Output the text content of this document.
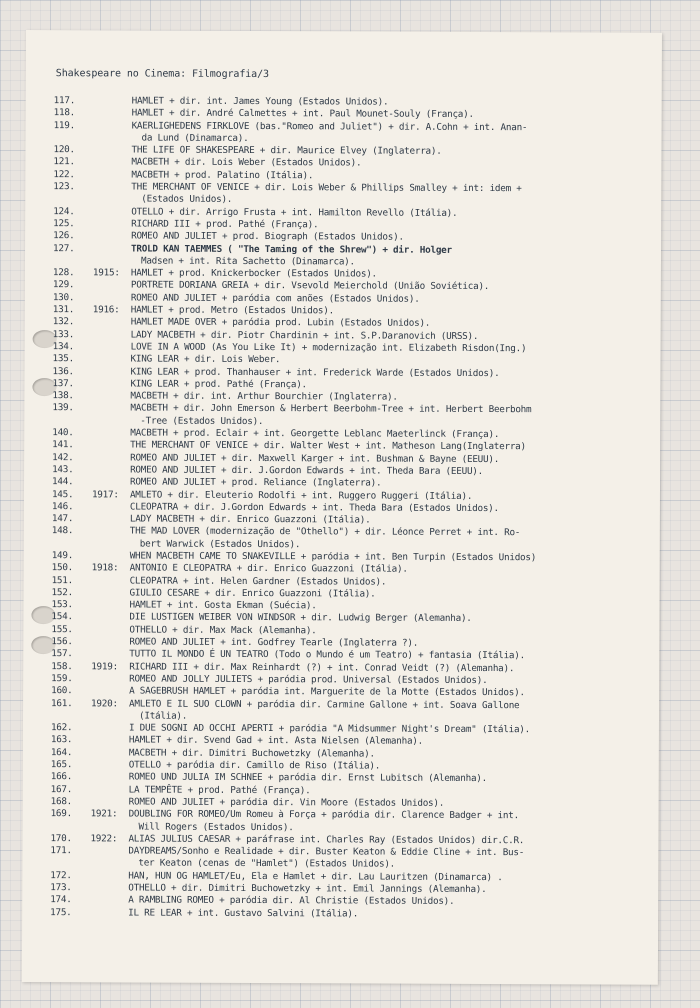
Shakespeare no Cinema: Filmografia/3
117.	HAMLET + dir. int. James Young (Estados Unidos).
118.	HAMLET + dir. André Calmettes + int. Paul Mounet-Souly (França).
119.	KAERLIGHEDENS FIRKLOVE (bas."Romeo and Juliet") + dir. A.Cohn + int. Anan-
da Lund (Dinamarca).
120.	THE LIFE OF SHAKESPEARE + dir. Maurice Elvey (Inglaterra).
121.	MACBETH + dir. Lois Weber (Estados Unidos).
122.	MACBETH + prod. Palatino (Itália).
123.	THE MERCHANT OF VENICE + dir. Lois Weber & Phillips Smalley + int: idem +
(Estados Unidos).
124.	OTELLO + dir. Arrigo Frusta + int. Hamilton Revello (Itália).
125.	RICHARD III + prod. Pathé (França).
126.	ROMEO AND JULIET + prod. Biograph (Estados Unidos).
127.	TROLD KAN TAEMMES ( "The Taming of the Shrew") + dir. Holger
Madsen + int. Rita Sachetto (Dinamarca).
128.	1915:	HAMLET + prod. Knickerbocker (Estados Unidos).
129.	PORTRETE DORIANA GREIA + dir. Vsevold Meierchold (União Soviética).
130.	ROMEO AND JULIET + paródia com anões (Estados Unidos).
131.	1916:	HAMLET + prod. Metro (Estados Unidos).
132.	HAMLET MADE OVER + paródia prod. Lubin (Estados Unidos).
133.	LADY MACBETH + dir. Piotr Chardinin + int. S.P.Daranovich (URSS).
134.	LOVE IN A WOOD (As You Like It) + modernização int. Elizabeth Risdon(Ing.)
135.	KING LEAR + dir. Lois Weber.
136.	KING LEAR + prod. Thanhauser + int. Frederick Warde (Estados Unidos).
137.	KING LEAR + prod. Pathé (França).
138.	MACBETH + dir. int. Arthur Bourchier (Inglaterra).
139.	MACBETH + dir. John Emerson & Herbert Beerbohm-Tree + int. Herbert Beerbohm
-Tree (Estados Unidos).
140.	MACBETH + prod. Eclair + int. Georgette Leblanc Maeterlinck (França).
141.	THE MERCHANT OF VENICE + dir. Walter West + int. Matheson Lang(Inglaterra)
142.	ROMEO AND JULIET + dir. Maxwell Karger + int. Bushman & Bayne (EEUU).
143.	ROMEO AND JULIET + dir. J.Gordon Edwards + int. Theda Bara (EEUU).
144.	ROMEO AND JULIET + prod. Reliance (Inglaterra).
145.	1917:	AMLETO + dir. Eleuterio Rodolfi + int. Ruggero Ruggeri (Itália).
146.	CLEOPATRA + dir. J.Gordon Edwards + int. Theda Bara (Estados Unidos).
147.	LADY MACBETH + dir. Enrico Guazzoni (Itália).
148.	THE MAD LOVER (modernização de "Othello") + dir. Léonce Perret + int. Ro-
bert Warwick (Estados Unidos).
149.	WHEN MACBETH CAME TO SNAKEVILLE + paródia + int. Ben Turpin (Estados Unidos)
150.	1918:	ANTONIO E CLEOPATRA + dir. Enrico Guazzoni (Itália).
151.	CLEOPATRA + int. Helen Gardner (Estados Unidos).
152.	GIULIO CESARE + dir. Enrico Guazzoni (Itália).
153.	HAMLET + int. Gosta Ekman (Suécia).
154.	DIE LUSTIGEN WEIBER VON WINDSOR + dir. Ludwig Berger (Alemanha).
155.	OTHELLO + dir. Max Mack (Alemanha).
156.	ROMEO AND JULIET + int. Godfrey Tearle (Inglaterra ?).
157.	TUTTO IL MONDO É UN TEATRO (Todo o Mundo é um Teatro) + fantasia (Itália).
158.	1919:	RICHARD III + dir. Max Reinhardt (?) + int. Conrad Veidt (?) (Alemanha).
159.	ROMEO AND JOLLY JULIETS + paródia prod. Universal (Estados Unidos).
160.	A SAGEBRUSH HAMLET + paródia int. Marguerite de la Motte (Estados Unidos).
161.	1920:	AMLETO E IL SUO CLOWN + paródia dir. Carmine Gallone + int. Soava Gallone
(Itália).
162.	I DUE SOGNI AD OCCHI APERTI + paródia "A Midsummer Night's Dream" (Itália).
163.	HAMLET + dir. Svend Gad + int. Asta Nielsen (Alemanha).
164.	MACBETH + dir. Dimitri Buchowetzky (Alemanha).
165.	OTELLO + paródia dir. Camillo de Riso (Itália).
166.	ROMEO UND JULIA IM SCHNEE + paródia dir. Ernst Lubitsch (Alemanha).
167.	LA TEMPÊTE + prod. Pathé (França).
168.	ROMEO AND JULIET + paródia dir. Vin Moore (Estados Unidos).
169.	1921:	DOUBLING FOR ROMEO/Um Romeu à Força + paródia dir. Clarence Badger + int.
Will Rogers (Estados Unidos).
170.	1922:	ALIAS JULIUS CAESAR + paráfrase int. Charles Ray (Estados Unidos) dir.C.R.
171.	DAYDREAMS/Sonho e Realidade + dir. Buster Keaton & Eddie Cline + int. Bus-
ter Keaton (cenas de "Hamlet") (Estados Unidos).
172.	HAN, HUN OG HAMLET/Eu, Ela e Hamlet + dir. Lau Lauritzen (Dinamarca) .
173.	OTHELLO + dir. Dimitri Buchowetzky + int. Emil Jannings (Alemanha).
174.	A RAMBLING ROMEO + paródia dir. Al Christie (Estados Unidos).
175.	IL RE LEAR + int. Gustavo Salvini (Itália).
